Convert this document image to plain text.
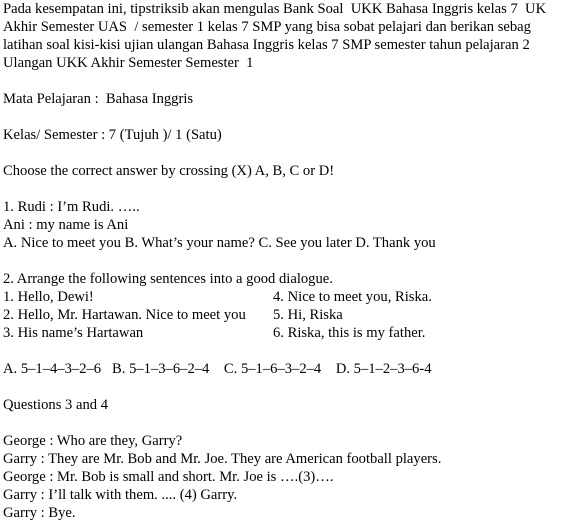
Pada kesempatan ini, tipstriksib akan mengulas Bank Soal  UKK Bahasa Inggris kelas 7  UK
Akhir Semester UAS  / semester 1 kelas 7 SMP yang bisa sobat pelajari dan berikan sebag
latihan soal kisi-kisi ujian ulangan Bahasa Inggris kelas 7 SMP semester tahun pelajaran 2
Ulangan UKK Akhir Semester Semester  1
Mata Pelajaran :  Bahasa Inggris
Kelas/ Semester : 7 (Tujuh )/ 1 (Satu)
Choose the correct answer by crossing (X) A, B, C or D!
1. Rudi : I’m Rudi. …..
Ani : my name is Ani
A. Nice to meet you B. What’s your name? C. See you later D. Thank you
2. Arrange the following sentences into a good dialogue.
1. Hello, Dewi!	4. Nice to meet you, Riska.
2. Hello, Mr. Hartawan. Nice to meet you	5. Hi, Riska
3. His name’s Hartawan	6. Riska, this is my father.
A. 5–1–4–3–2–6   B. 5–1–3–6–2–4    C. 5–1–6–3–2–4    D. 5–1–2–3–6-4
Questions 3 and 4
George : Who are they, Garry?
Garry : They are Mr. Bob and Mr. Joe. They are American football players.
George : Mr. Bob is small and short. Mr. Joe is ….(3)….
Garry : I’ll talk with them. .... (4) Garry.
Garry : Bye.
